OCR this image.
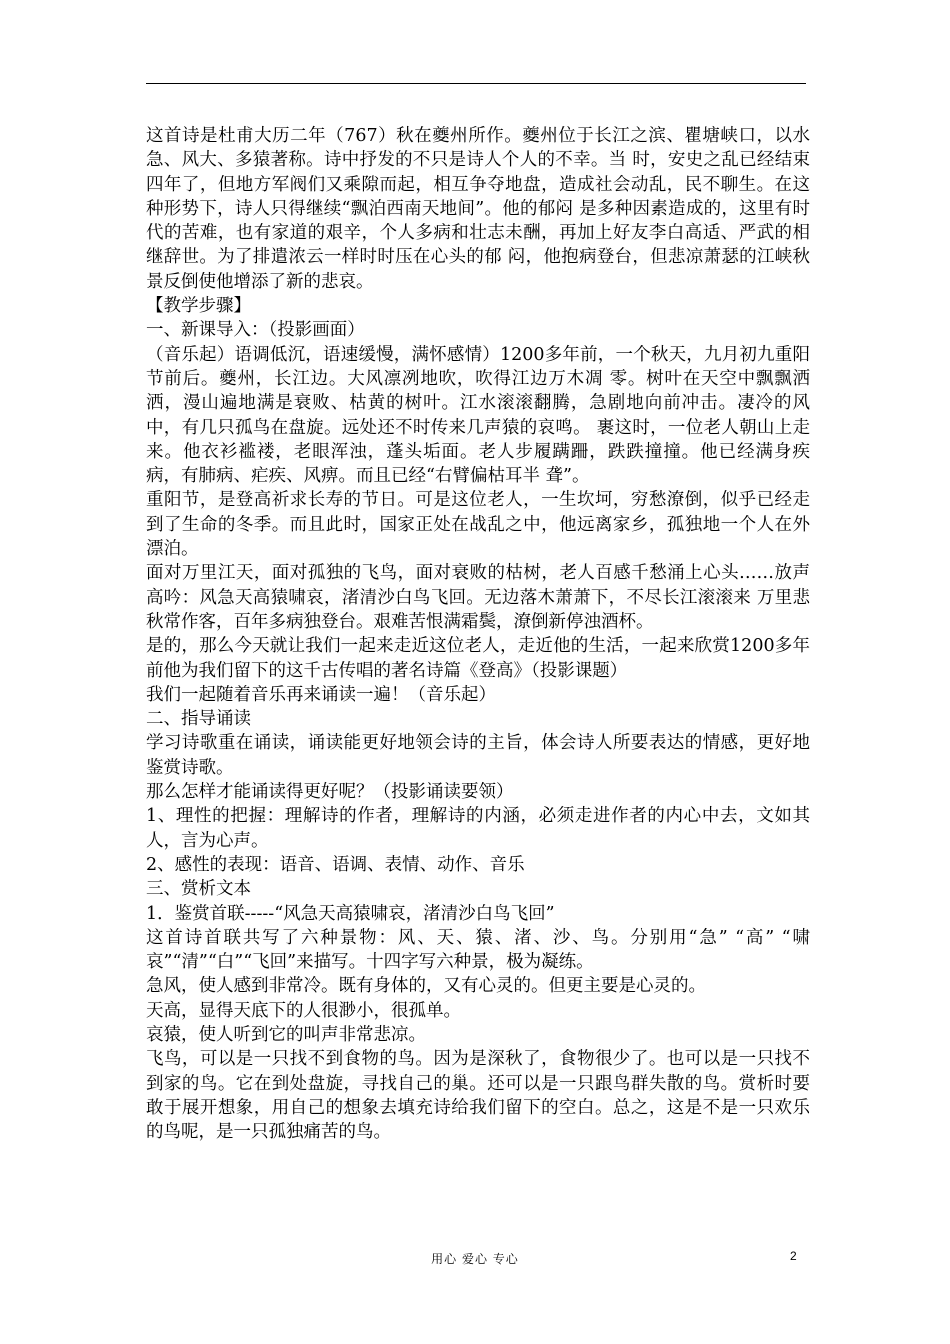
这首诗是杜甫大历二年（767）秋在夔州所作。夔州位于长江之滨、瞿塘峡口，以水急、风大、多猿著称。诗中抒发的不只是诗人个人的不幸。当 时，安史之乱已经结束四年了，但地方军阀们又乘隙而起，相互争夺地盘，造成社会动乱，民不聊生。在这种形势下，诗人只得继续“飘泊西南天地间”。他的郁闷 是多种因素造成的，这里有时代的苦难，也有家道的艰辛，个人多病和壮志未酬，再加上好友李白高适、严武的相继辞世。为了排遣浓云一样时时压在心头的郁 闷，他抱病登台，但悲凉萧瑟的江峡秋景反倒使他增添了新的悲哀。

【教学步骤】

一、新课导入：（投影画面）

（音乐起）语调低沉，语速缓慢，满怀感情）1200多年前，一个秋天，九月初九重阳节前后。夔州，长江边。大风凛冽地吹，吹得江边万木凋 零。树叶在天空中飘飘洒洒，漫山遍地满是衰败、枯黄的树叶。江水滚滚翻腾，急剧地向前冲击。凄冷的风中，有几只孤鸟在盘旋。远处还不时传来几声猿的哀鸣。 裹这时，一位老人朝山上走来。他衣衫褴褛，老眼浑浊，蓬头垢面。老人步履蹒跚，跌跌撞撞。他已经满身疾病，有肺病、疟疾、风痹。而且已经“右臂偏枯耳半 聋”。

重阳节，是登高祈求长寿的节日。可是这位老人，一生坎坷，穷愁潦倒，似乎已经走到了生命的冬季。而且此时，国家正处在战乱之中，他远离家乡，孤独地一个人在外漂泊。

面对万里江天，面对孤独的飞鸟，面对衰败的枯树，老人百感千愁涌上心头……放声高吟：风急天高猿啸哀，渚清沙白鸟飞回。无边落木萧萧下，不尽长江滚滚来 万里悲秋常作客，百年多病独登台。艰难苦恨满霜鬓，潦倒新停浊酒杯。

是的，那么今天就让我们一起来走近这位老人，走近他的生活，一起来欣赏1200多年前他为我们留下的这千古传唱的著名诗篇《登高》（投影课题）

我们一起随着音乐再来诵读一遍！（音乐起）

二、指导诵读

学习诗歌重在诵读，诵读能更好地领会诗的主旨，体会诗人所要表达的情感，更好地鉴赏诗歌。

那么怎样才能诵读得更好呢？（投影诵读要领）

1、理性的把握：理解诗的作者，理解诗的内涵，必须走进作者的内心中去，文如其人，言为心声。

2、感性的表现：语音、语调、表情、动作、音乐

三、赏析文本

1．鉴赏首联-----“风急天高猿啸哀，渚清沙白鸟飞回”

这首诗首联共写了六种景物：风、天、猿、渚、沙、鸟。分别用“急” “高” “啸哀”“清”“白”“飞回”来描写。十四字写六种景，极为凝练。

急风，使人感到非常冷。既有身体的，又有心灵的。但更主要是心灵的。

天高，显得天底下的人很渺小，很孤单。

哀猿，使人听到它的叫声非常悲凉。

飞鸟，可以是一只找不到食物的鸟。因为是深秋了，食物很少了。也可以是一只找不到家的鸟。它在到处盘旋，寻找自己的巢。还可以是一只跟鸟群失散的鸟。赏析时要敢于展开想象，用自己的想象去填充诗给我们留下的空白。总之，这是不是一只欢乐的鸟呢，是一只孤独痛苦的鸟。

用心 爱心 专心	2
